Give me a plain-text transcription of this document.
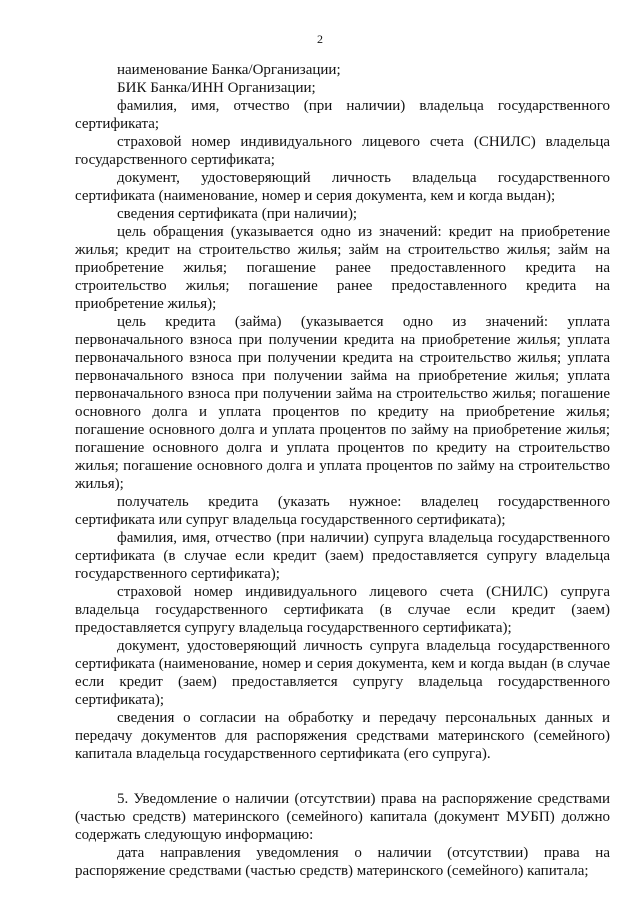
2

наименование Банка/Организации;

БИК Банка/ИНН Организации;

фамилия, имя, отчество (при наличии) владельца государственного сертификата;

страховой номер индивидуального лицевого счета (СНИЛС) владельца государственного сертификата;

документ, удостоверяющий личность владельца государственного сертификата (наименование, номер и серия документа, кем и когда выдан);

сведения сертификата (при наличии);

цель обращения (указывается одно из значений: кредит на приобретение жилья; кредит на строительство жилья; займ на строительство жилья; займ на приобретение жилья; погашение ранее предоставленного кредита на строительство жилья; погашение ранее предоставленного кредита на приобретение жилья);

цель кредита (займа) (указывается одно из значений: уплата первоначального взноса при получении кредита на приобретение жилья; уплата первоначального взноса при получении кредита на строительство жилья; уплата первоначального взноса при получении займа на приобретение жилья; уплата первоначального взноса при получении займа на строительство жилья; погашение основного долга и уплата процентов по кредиту на приобретение жилья; погашение основного долга и уплата процентов по займу на приобретение жилья; погашение основного долга и уплата процентов по кредиту на строительство жилья; погашение основного долга и уплата процентов по займу на строительство жилья);

получатель кредита (указать нужное: владелец государственного сертификата или супруг владельца государственного сертификата);

фамилия, имя, отчество (при наличии) супруга владельца государственного сертификата (в случае если кредит (заем) предоставляется супругу владельца государственного сертификата);

страховой номер индивидуального лицевого счета (СНИЛС) супруга владельца государственного сертификата (в случае если кредит (заем) предоставляется супругу владельца государственного сертификата);

документ, удостоверяющий личность супруга владельца государственного сертификата (наименование, номер и серия документа, кем и когда выдан (в случае если кредит (заем) предоставляется супругу владельца государственного сертификата);

сведения о согласии на обработку и передачу персональных данных и передачу документов для распоряжения средствами материнского (семейного) капитала владельца государственного сертификата (его супруга).

5. Уведомление о наличии (отсутствии) права на распоряжение средствами (частью средств) материнского (семейного) капитала (документ МУБП) должно содержать следующую информацию:

дата направления уведомления о наличии (отсутствии) права на распоряжение средствами (частью средств) материнского (семейного) капитала;
